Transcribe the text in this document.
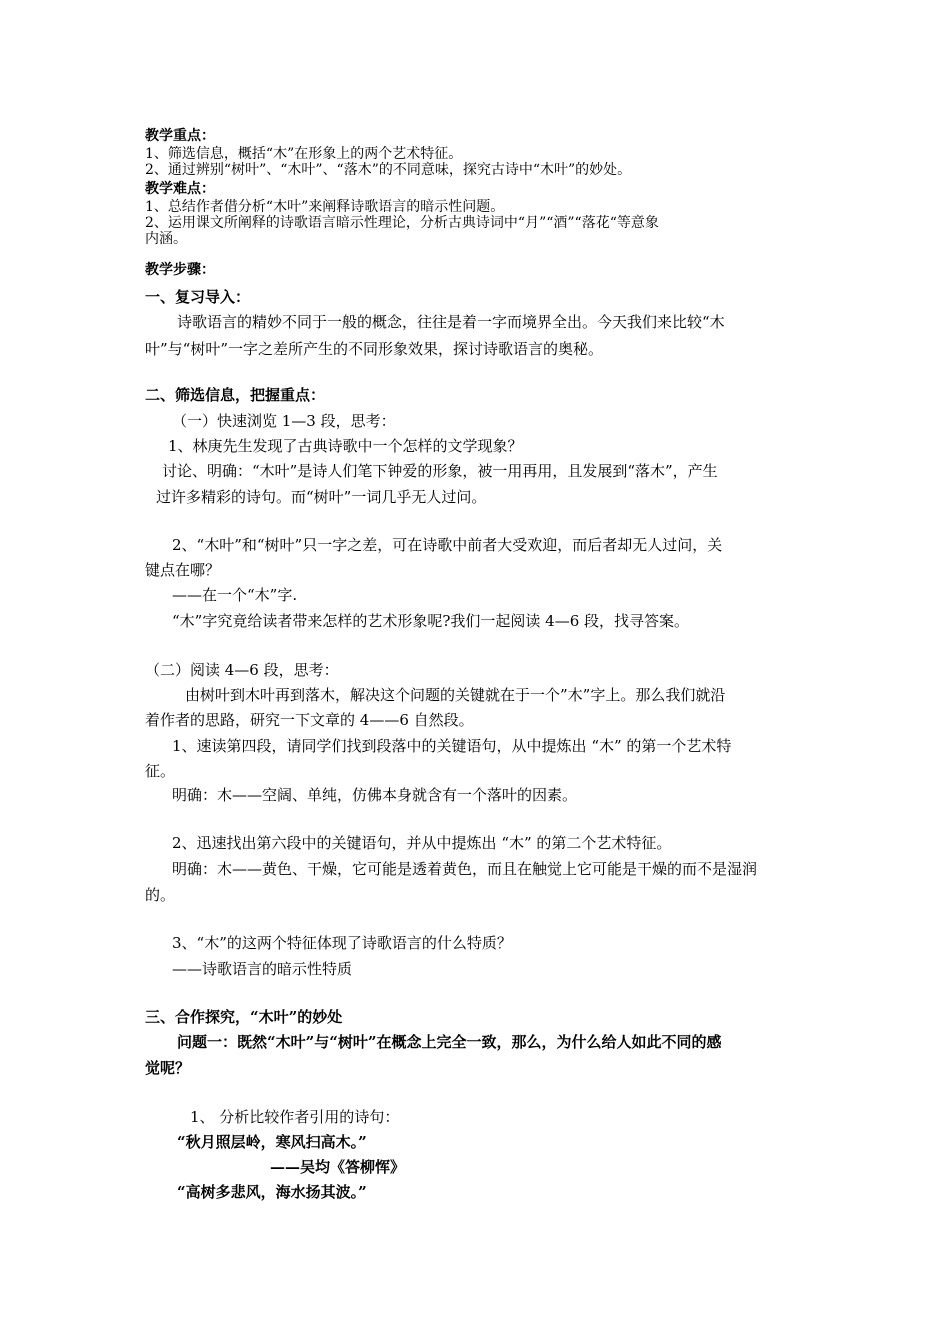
教学重点：
1、筛选信息，概括“木”在形象上的两个艺术特征。
2、通过辨别“树叶”、“木叶”、“落木”的不同意味，探究古诗中“木叶”的妙处。
教学难点：
1、总结作者借分析“木叶”来阐释诗歌语言的暗示性问题。
2、运用课文所阐释的诗歌语言暗示性理论，分析古典诗词中“月”“酒”“落花“等意象
内涵。
教学步骤：
一、复习导入：
诗歌语言的精妙不同于一般的概念，往往是着一字而境界全出。今天我们来比较“木
叶”与“树叶”一字之差所产生的不同形象效果，探讨诗歌语言的奥秘。
二、筛选信息，把握重点：
（一）快速浏览 1—3 段，思考：
1、林庚先生发现了古典诗歌中一个怎样的文学现象？
讨论、明确：“木叶”是诗人们笔下钟爱的形象，被一用再用，且发展到“落木”，产生
过许多精彩的诗句。而“树叶”一词几乎无人过问。
2、“木叶”和“树叶”只一字之差，可在诗歌中前者大受欢迎，而后者却无人过问，关
键点在哪？
——在一个“木”字.
“木”字究竟给读者带来怎样的艺术形象呢?我们一起阅读 4—6 段，找寻答案。
（二）阅读 4—6 段，思考：
由树叶到木叶再到落木，解决这个问题的关键就在于一个”木”字上。那么我们就沿
着作者的思路，研究一下文章的 4——6 自然段。
1、速读第四段，请同学们找到段落中的关键语句，从中提炼出 “木” 的第一个艺术特
征。
明确：木——空阔、单纯，仿佛本身就含有一个落叶的因素。
2、迅速找出第六段中的关键语句，并从中提炼出 “木” 的第二个艺术特征。
明确：木——黄色、干燥，它可能是透着黄色，而且在触觉上它可能是干燥的而不是湿润
的。
3、“木”的这两个特征体现了诗歌语言的什么特质？
——诗歌语言的暗示性特质
三、合作探究，“木叶”的妙处
问题一：既然“木叶”与“树叶”在概念上完全一致，那么，为什么给人如此不同的感
觉呢？
1、 分析比较作者引用的诗句：
“秋月照层岭，寒风扫高木。”
——吴均《答柳恽》
“高树多悲风，海水扬其波。”
